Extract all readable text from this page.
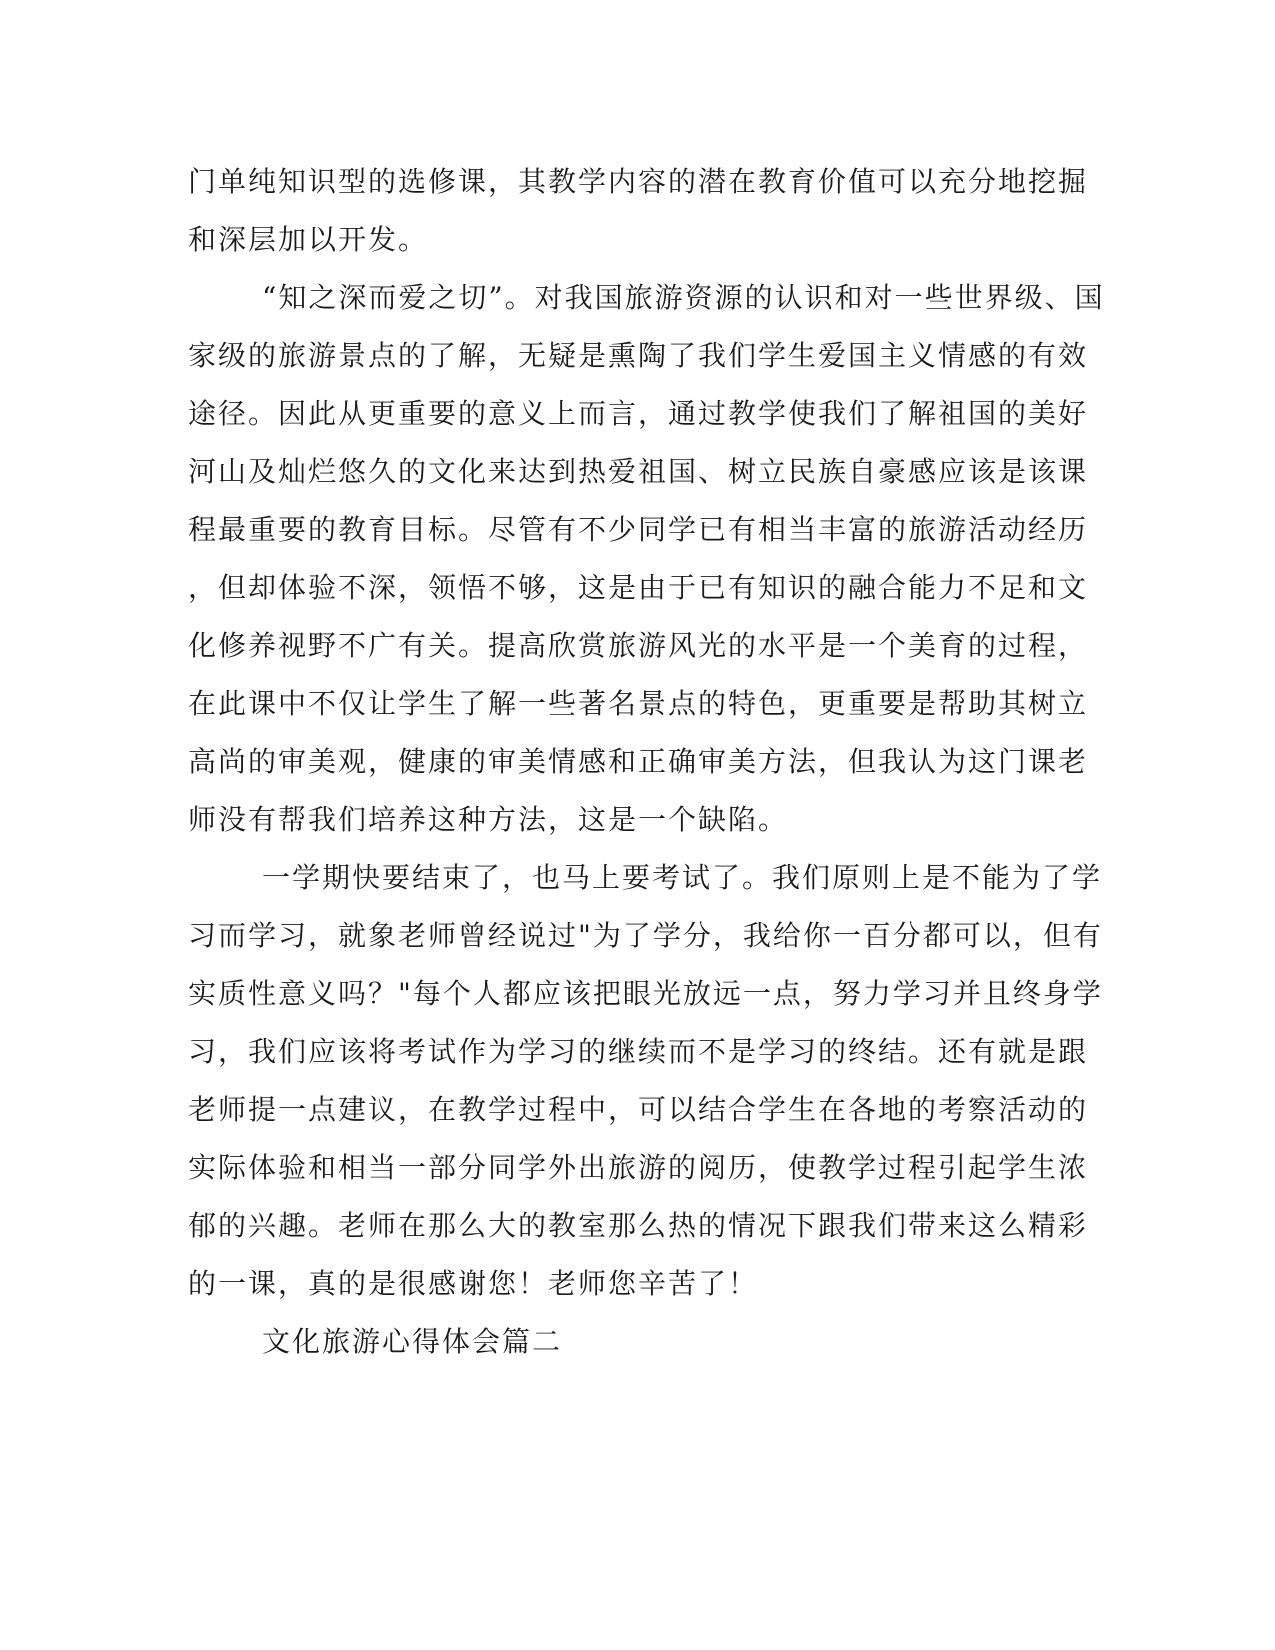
门单纯知识型的选修课，其教学内容的潜在教育价值可以充分地挖掘
和深层加以开发。
“知之深而爱之切”。对我国旅游资源的认识和对一些世界级、国
家级的旅游景点的了解，无疑是熏陶了我们学生爱国主义情感的有效
途径。因此从更重要的意义上而言，通过教学使我们了解祖国的美好
河山及灿烂悠久的文化来达到热爱祖国、树立民族自豪感应该是该课
程最重要的教育目标。尽管有不少同学已有相当丰富的旅游活动经历
，但却体验不深，领悟不够，这是由于已有知识的融合能力不足和文
化修养视野不广有关。提高欣赏旅游风光的水平是一个美育的过程，
在此课中不仅让学生了解一些著名景点的特色，更重要是帮助其树立
高尚的审美观，健康的审美情感和正确审美方法，但我认为这门课老
师没有帮我们培养这种方法，这是一个缺陷。
一学期快要结束了，也马上要考试了。我们原则上是不能为了学
习而学习，就象老师曾经说过"为了学分，我给你一百分都可以，但有
实质性意义吗？"每个人都应该把眼光放远一点，努力学习并且终身学
习，我们应该将考试作为学习的继续而不是学习的终结。还有就是跟
老师提一点建议，在教学过程中，可以结合学生在各地的考察活动的
实际体验和相当一部分同学外出旅游的阅历，使教学过程引起学生浓
郁的兴趣。老师在那么大的教室那么热的情况下跟我们带来这么精彩
的一课，真的是很感谢您！老师您辛苦了！
文化旅游心得体会篇二
